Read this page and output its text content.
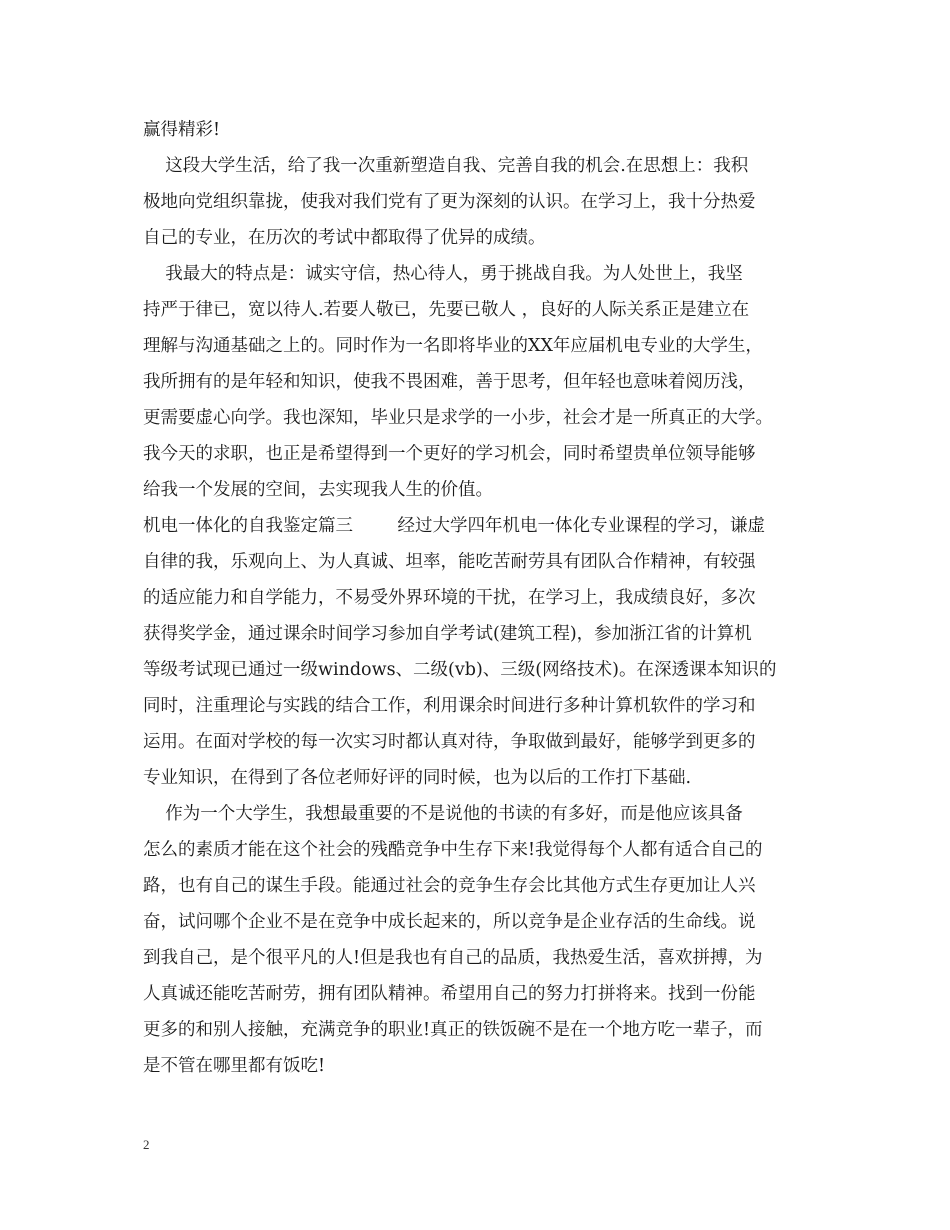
赢得精彩!
这段大学生活，给了我一次重新塑造自我、完善自我的机会.在思想上：我积
极地向党组织靠拢，使我对我们党有了更为深刻的认识。在学习上，我十分热爱
自己的专业，在历次的考试中都取得了优异的成绩。
我最大的特点是：诚实守信，热心待人，勇于挑战自我。为人处世上，我坚
持严于律已，宽以待人.若要人敬已，先要已敬人 ，良好的人际关系正是建立在
理解与沟通基础之上的。同时作为一名即将毕业的XX年应届机电专业的大学生，
我所拥有的是年轻和知识，使我不畏困难，善于思考，但年轻也意味着阅历浅，
更需要虚心向学。我也深知，毕业只是求学的一小步，社会才是一所真正的大学。
我今天的求职，也正是希望得到一个更好的学习机会，同时希望贵单位领导能够
给我一个发展的空间，去实现我人生的价值。
机电一体化的自我鉴定篇三        经过大学四年机电一体化专业课程的学习，谦虚
自律的我，乐观向上、为人真诚、坦率，能吃苦耐劳具有团队合作精神，有较强
的适应能力和自学能力，不易受外界环境的干扰，在学习上，我成绩良好，多次
获得奖学金，通过课余时间学习参加自学考试(建筑工程)，参加浙江省的计算机
等级考试现已通过一级windows、二级(vb)、三级(网络技术)。在深透课本知识的
同时，注重理论与实践的结合工作，利用课余时间进行多种计算机软件的学习和
运用。在面对学校的每一次实习时都认真对待，争取做到最好，能够学到更多的
专业知识，在得到了各位老师好评的同时候，也为以后的工作打下基础.
作为一个大学生，我想最重要的不是说他的书读的有多好，而是他应该具备
怎么的素质才能在这个社会的残酷竞争中生存下来!我觉得每个人都有适合自己的
路，也有自己的谋生手段。能通过社会的竞争生存会比其他方式生存更加让人兴
奋，试问哪个企业不是在竞争中成长起来的，所以竞争是企业存活的生命线。说
到我自己，是个很平凡的人!但是我也有自己的品质，我热爱生活，喜欢拼搏，为
人真诚还能吃苦耐劳，拥有团队精神。希望用自己的努力打拼将来。找到一份能
更多的和别人接触，充满竞争的职业!真正的铁饭碗不是在一个地方吃一辈子，而
是不管在哪里都有饭吃!
2
